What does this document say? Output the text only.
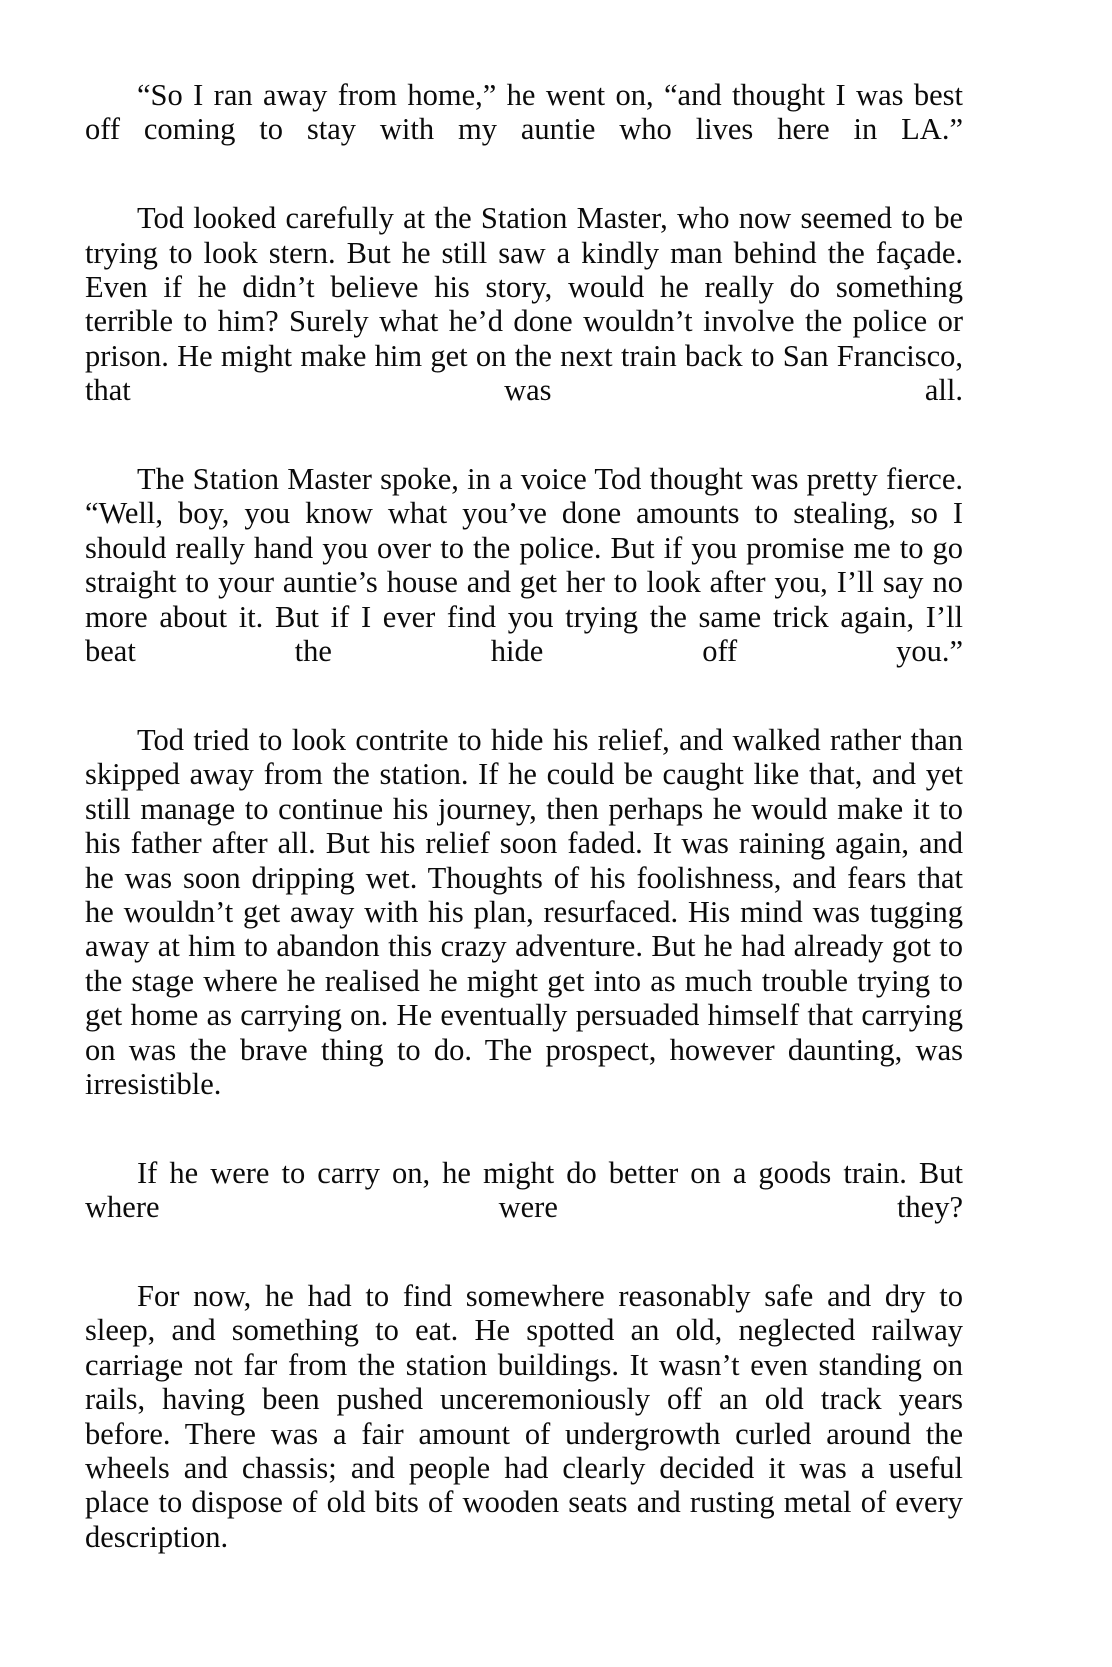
“So I ran away from home,” he went on, “and thought I was best off coming to stay with my auntie who lives here in LA.”

Tod looked carefully at the Station Master, who now seemed to be trying to look stern. But he still saw a kindly man behind the façade. Even if he didn’t believe his story, would he really do something terrible to him? Surely what he’d done wouldn’t involve the police or prison. He might make him get on the next train back to San Francisco, that was all.

The Station Master spoke, in a voice Tod thought was pretty fierce. “Well, boy, you know what you’ve done amounts to stealing, so I should really hand you over to the police. But if you promise me to go straight to your auntie’s house and get her to look after you, I’ll say no more about it. But if I ever find you trying the same trick again, I’ll beat the hide off you.”

Tod tried to look contrite to hide his relief, and walked rather than skipped away from the station. If he could be caught like that, and yet still manage to continue his journey, then perhaps he would make it to his father after all. But his relief soon faded. It was raining again, and he was soon dripping wet. Thoughts of his foolishness, and fears that he wouldn’t get away with his plan, resurfaced. His mind was tugging away at him to abandon this crazy adventure. But he had already got to the stage where he realised he might get into as much trouble trying to get home as carrying on. He eventually persuaded himself that carrying on was the brave thing to do. The prospect, however daunting, was irresistible.

If he were to carry on, he might do better on a goods train. But where were they?

For now, he had to find somewhere reasonably safe and dry to sleep, and something to eat. He spotted an old, neglected railway carriage not far from the station buildings. It wasn’t even standing on rails, having been pushed unceremoniously off an old track years before. There was a fair amount of undergrowth curled around the wheels and chassis; and people had clearly decided it was a useful place to dispose of old bits of wooden seats and rusting metal of every description.
